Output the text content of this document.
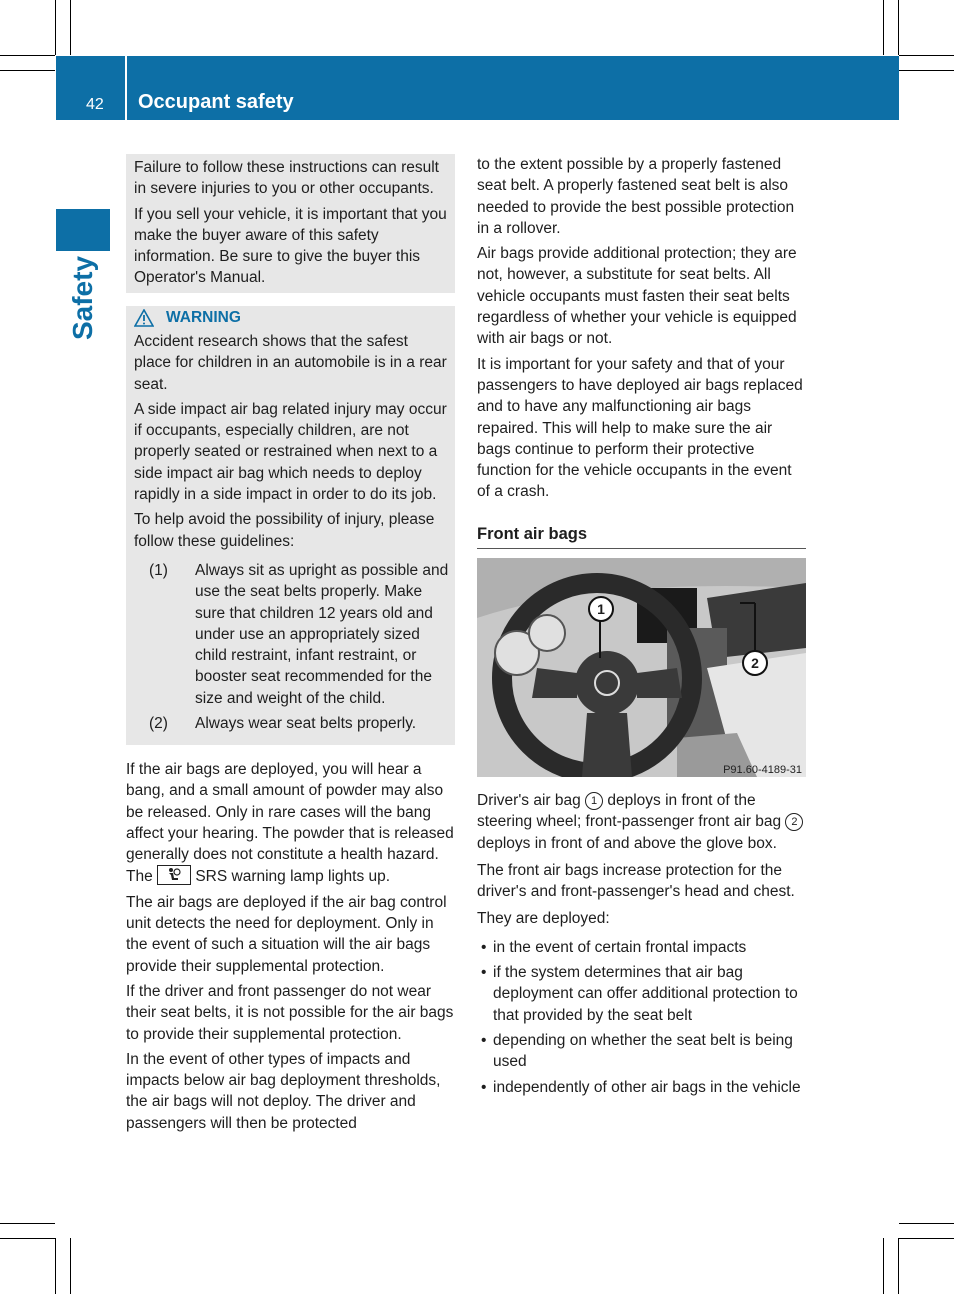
42 Occupant safety
Safety

Failure to follow these instructions can result in severe injuries to you or other occupants.

If you sell your vehicle, it is important that you make the buyer aware of this safety information. Be sure to give the buyer this Operator's Manual.

WARNING

Accident research shows that the safest place for children in an automobile is in a rear seat.

A side impact air bag related injury may occur if occupants, especially children, are not properly seated or restrained when next to a side impact air bag which needs to deploy rapidly in a side impact in order to do its job.

To help avoid the possibility of injury, please follow these guidelines:

(1)	Always sit as upright as possible and use the seat belts properly. Make sure that children 12 years old and under use an appropriately sized child restraint, infant restraint, or booster seat recommended for the size and weight of the child.
(2)	Always wear seat belts properly.

If the air bags are deployed, you will hear a bang, and a small amount of powder may also be released. Only in rare cases will the bang affect your hearing. The powder that is released generally does not constitute a health hazard. The	SRS warning lamp lights up.

The air bags are deployed if the air bag control unit detects the need for deployment. Only in the event of such a situation will the air bags provide their supplemental protection.

If the driver and front passenger do not wear their seat belts, it is not possible for the air bags to provide their supplemental protection.

In the event of other types of impacts and impacts below air bag deployment thresholds, the air bags will not deploy. The driver and passengers will then be protected

to the extent possible by a properly fastened seat belt. A properly fastened seat belt is also needed to provide the best possible protection in a rollover.

Air bags provide additional protection; they are not, however, a substitute for seat belts. All vehicle occupants must fasten their seat belts regardless of whether your vehicle is equipped with air bags or not.

It is important for your safety and that of your passengers to have deployed air bags replaced and to have any malfunctioning air bags repaired. This will help to make sure the air bags continue to perform their protective function for the vehicle occupants in the event of a crash.

Front air bags
1
2
P91.60-4189-31

Driver's air bag 1 deploys in front of the steering wheel; front-passenger front air bag 2 deploys in front of and above the glove box.

The front air bags increase protection for the driver's and front-passenger's head and chest.

They are deployed:

• in the event of certain frontal impacts
• if the system determines that air bag deployment can offer additional protection to that provided by the seat belt
• depending on whether the seat belt is being used
• independently of other air bags in the vehicle
